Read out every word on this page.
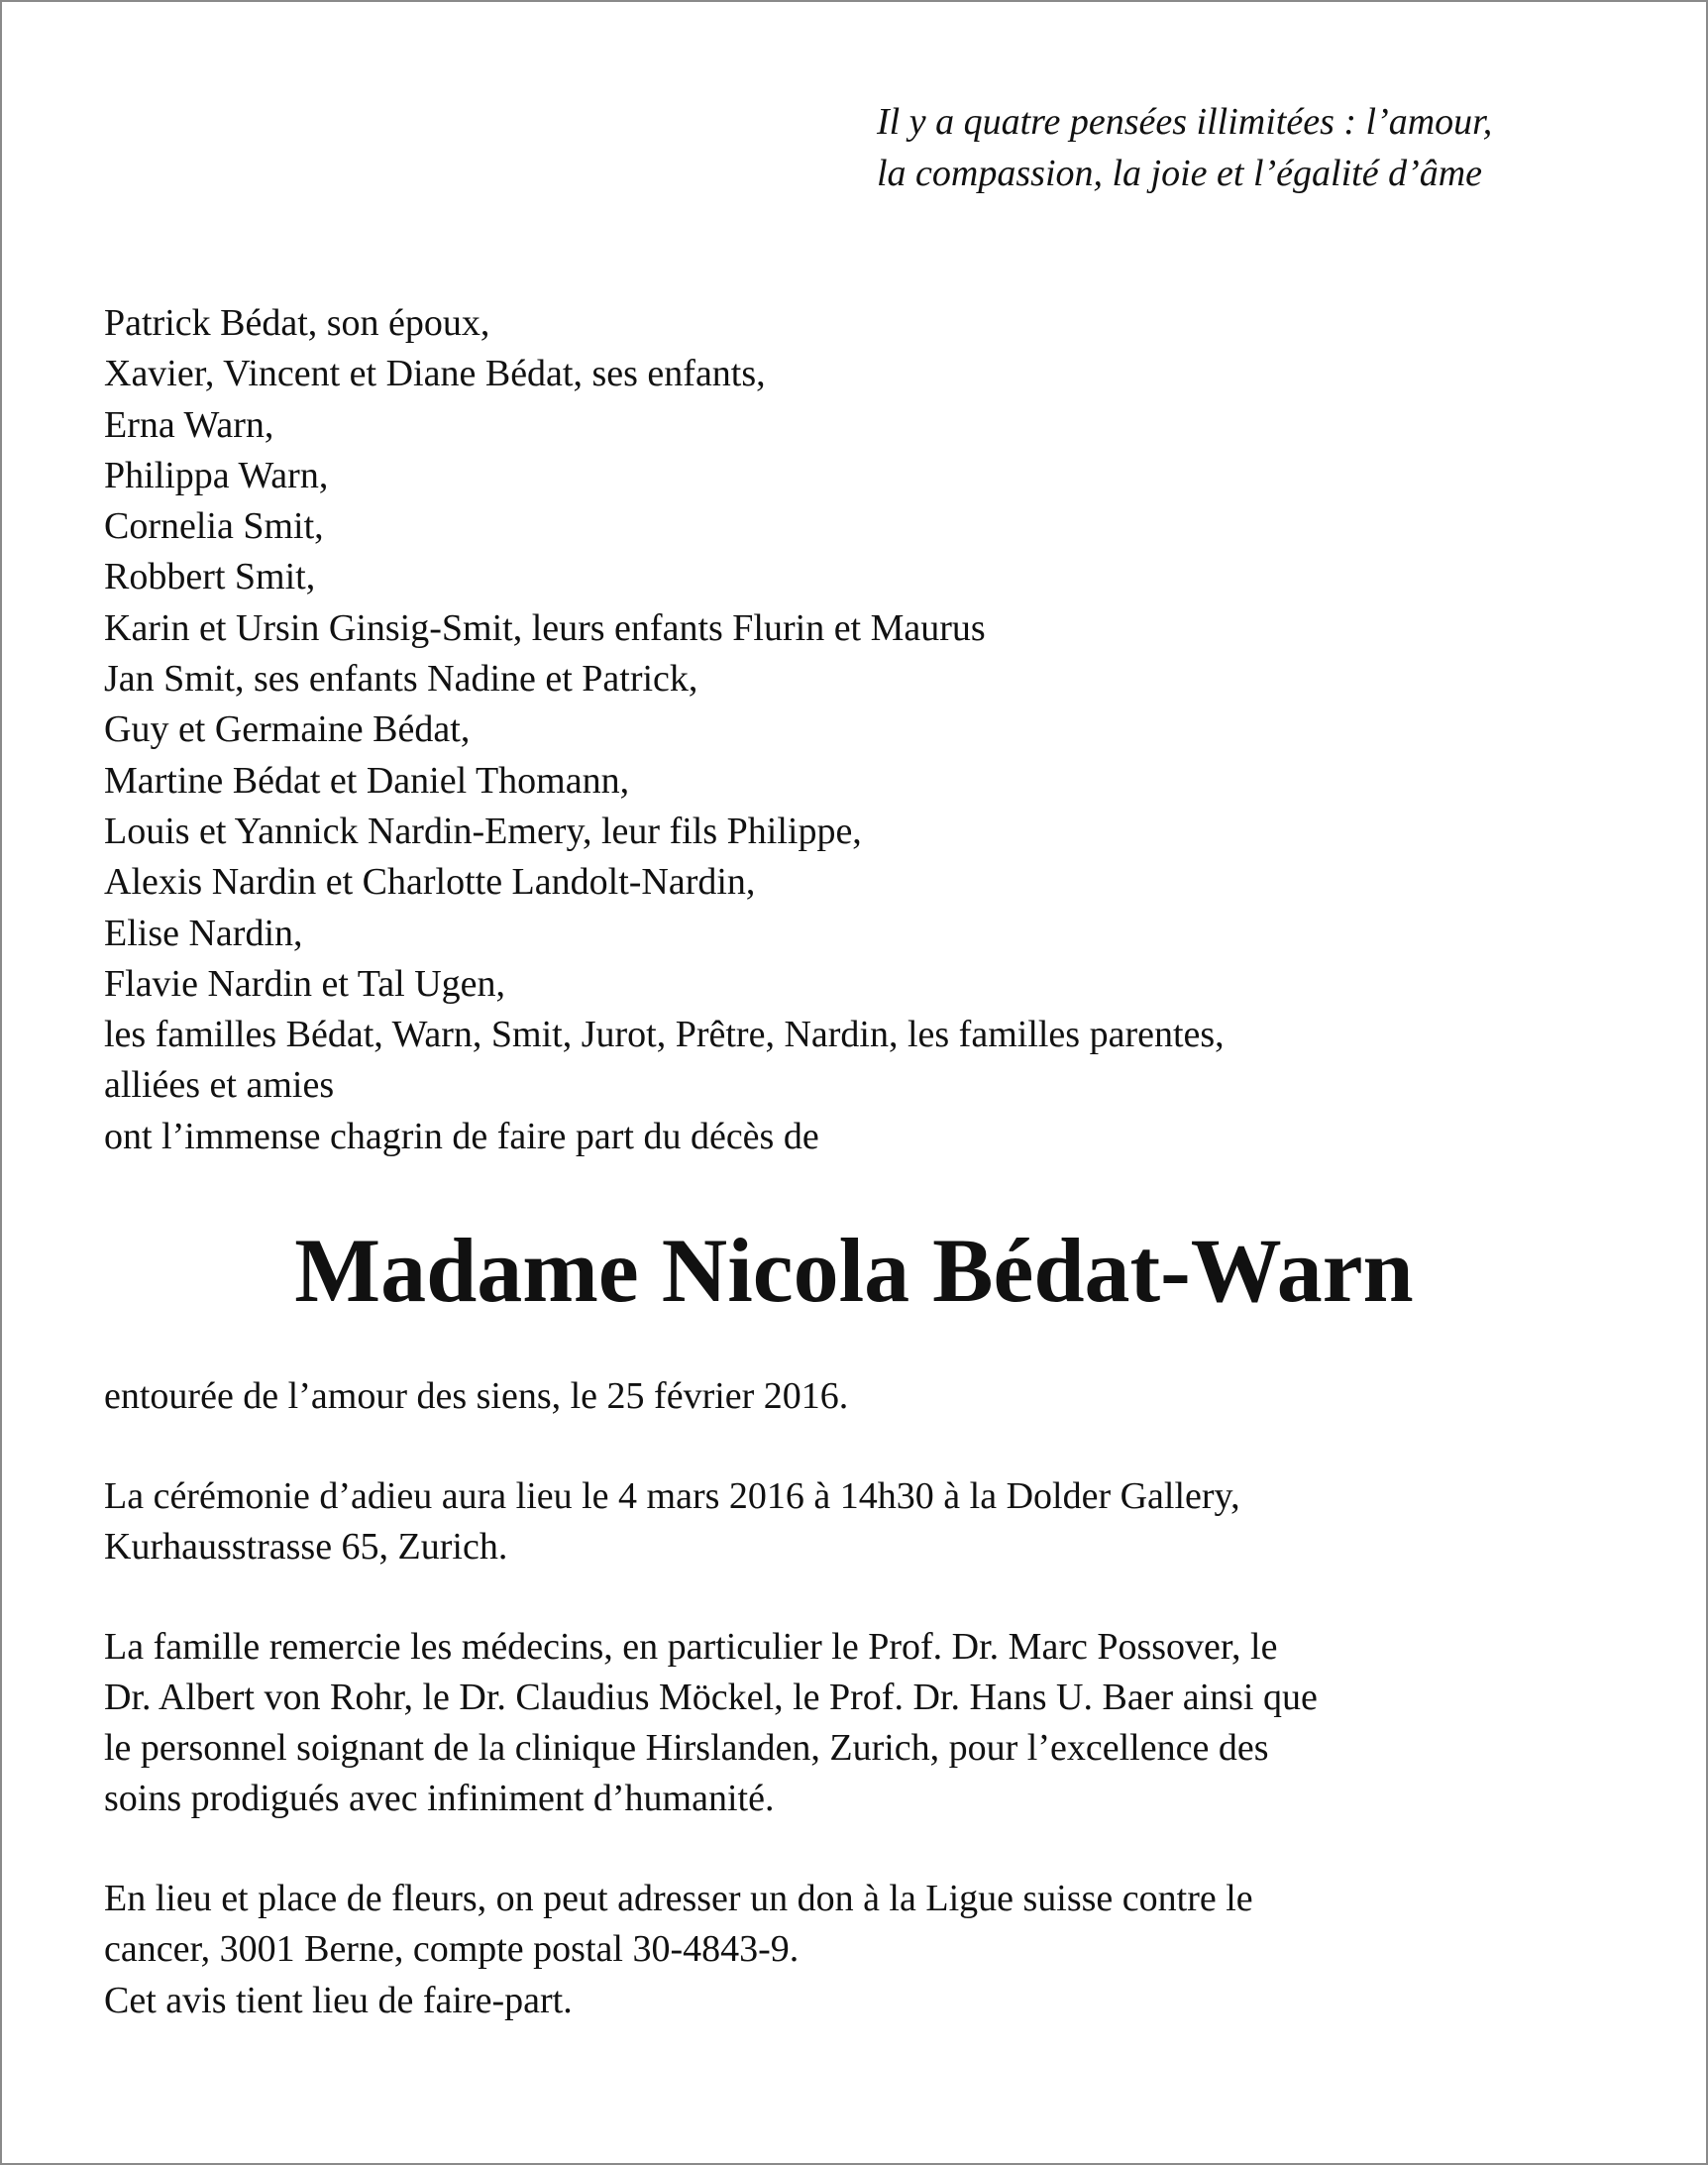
Il y a quatre pensées illimitées : l’amour,
la compassion, la joie et l’égalité d’âme
Patrick Bédat, son époux,
Xavier, Vincent et Diane Bédat, ses enfants,
Erna Warn,
Philippa Warn,
Cornelia Smit,
Robbert Smit,
Karin et Ursin Ginsig-Smit, leurs enfants Flurin et Maurus
Jan Smit, ses enfants Nadine et Patrick,
Guy et Germaine Bédat,
Martine Bédat et Daniel Thomann,
Louis et Yannick Nardin-Emery, leur fils Philippe,
Alexis Nardin et Charlotte Landolt-Nardin,
Elise Nardin,
Flavie Nardin et Tal Ugen,
les familles Bédat, Warn, Smit, Jurot, Prêtre, Nardin, les familles parentes,
alliées et amies
ont l’immense chagrin de faire part du décès de
Madame Nicola Bédat-Warn
entourée de l’amour des siens, le 25 février 2016.
La cérémonie d’adieu aura lieu le 4 mars 2016 à 14h30 à la Dolder Gallery,
Kurhausstrasse 65, Zurich.
La famille remercie les médecins, en particulier le Prof. Dr. Marc Possover, le
Dr. Albert von Rohr, le Dr. Claudius Möckel, le Prof. Dr. Hans U. Baer ainsi que
le personnel soignant de la clinique Hirslanden, Zurich, pour l’excellence des
soins prodigués avec infiniment d’humanité.
En lieu et place de fleurs, on peut adresser un don à la Ligue suisse contre le
cancer, 3001 Berne, compte postal 30-4843-9.
Cet avis tient lieu de faire-part.
